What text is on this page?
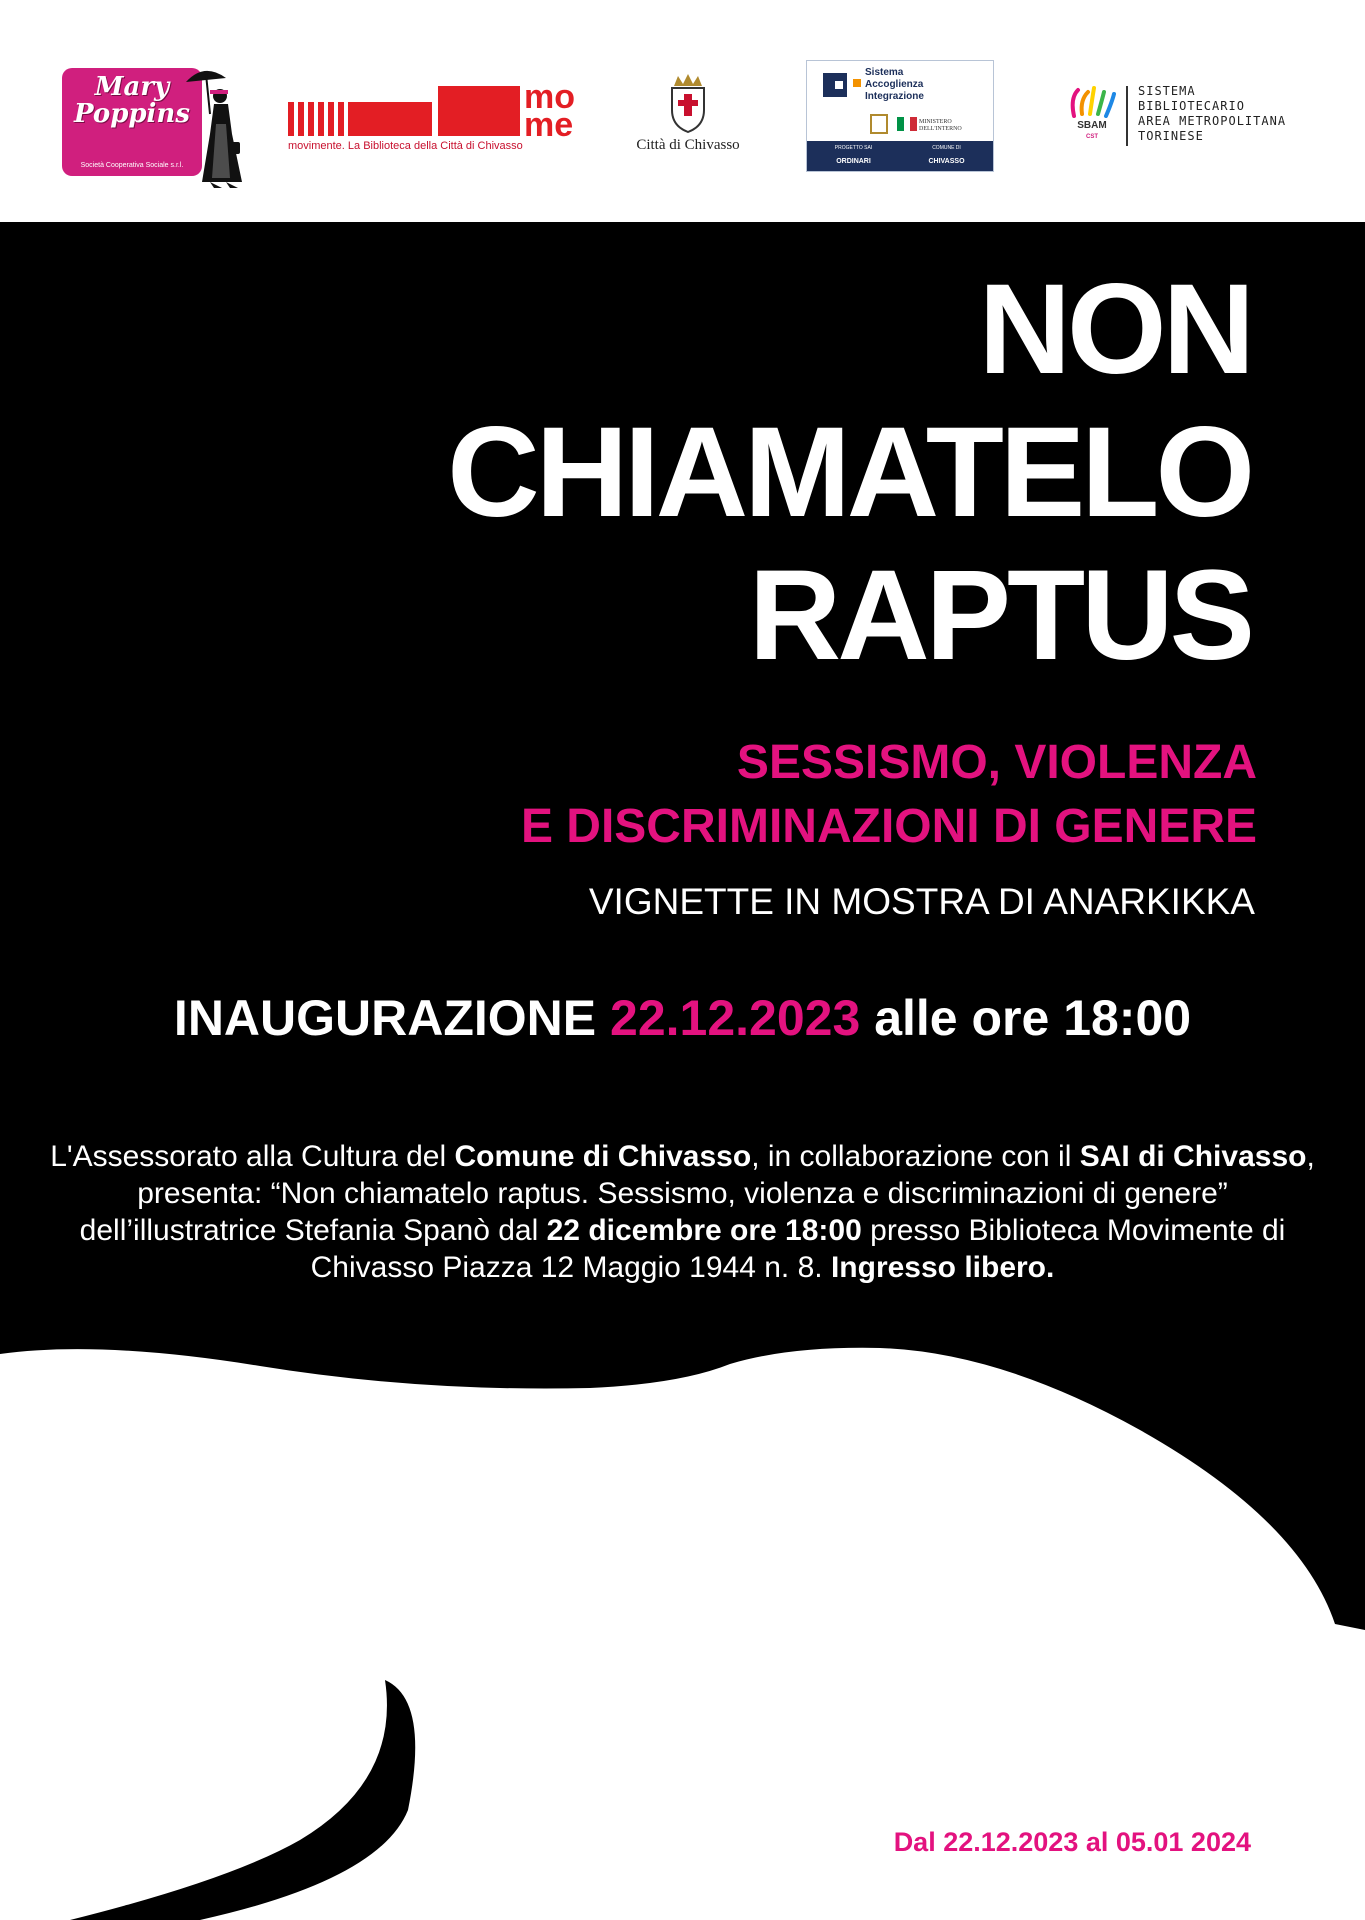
Mary Poppins
Società Cooperativa Sociale s.r.l.
mo
me
movimente. La Biblioteca della Città di Chivasso	Città di Chivasso
Sistema
Accoglienza
Integrazione
MINISTERO DELL'INTERNO
PROGETTO SAI
ORDINARI
COMUNE DI
CHIVASSO
SBAM
CST
SISTEMA
BIBLIOTECARIO
AREA METROPOLITANA
TORINESE
NON
CHIAMATELO
RAPTUS
SESSISMO, VIOLENZA
E DISCRIMINAZIONI DI GENERE
VIGNETTE IN MOSTRA DI ANARKIKKA
INAUGURAZIONE 22.12.2023 alle ore 18:00

L'Assessorato alla Cultura del Comune di Chivasso, in collaborazione con il SAI di Chivasso, presenta: “Non chiamatelo raptus. Sessismo, violenza e discriminazioni di genere” dell’illustratrice Stefania Spanò dal 22 dicembre ore 18:00 presso Biblioteca Movimente di Chivasso Piazza 12 Maggio 1944 n. 8. Ingresso libero.

Dal 22.12.2023 al 05.01 2024
